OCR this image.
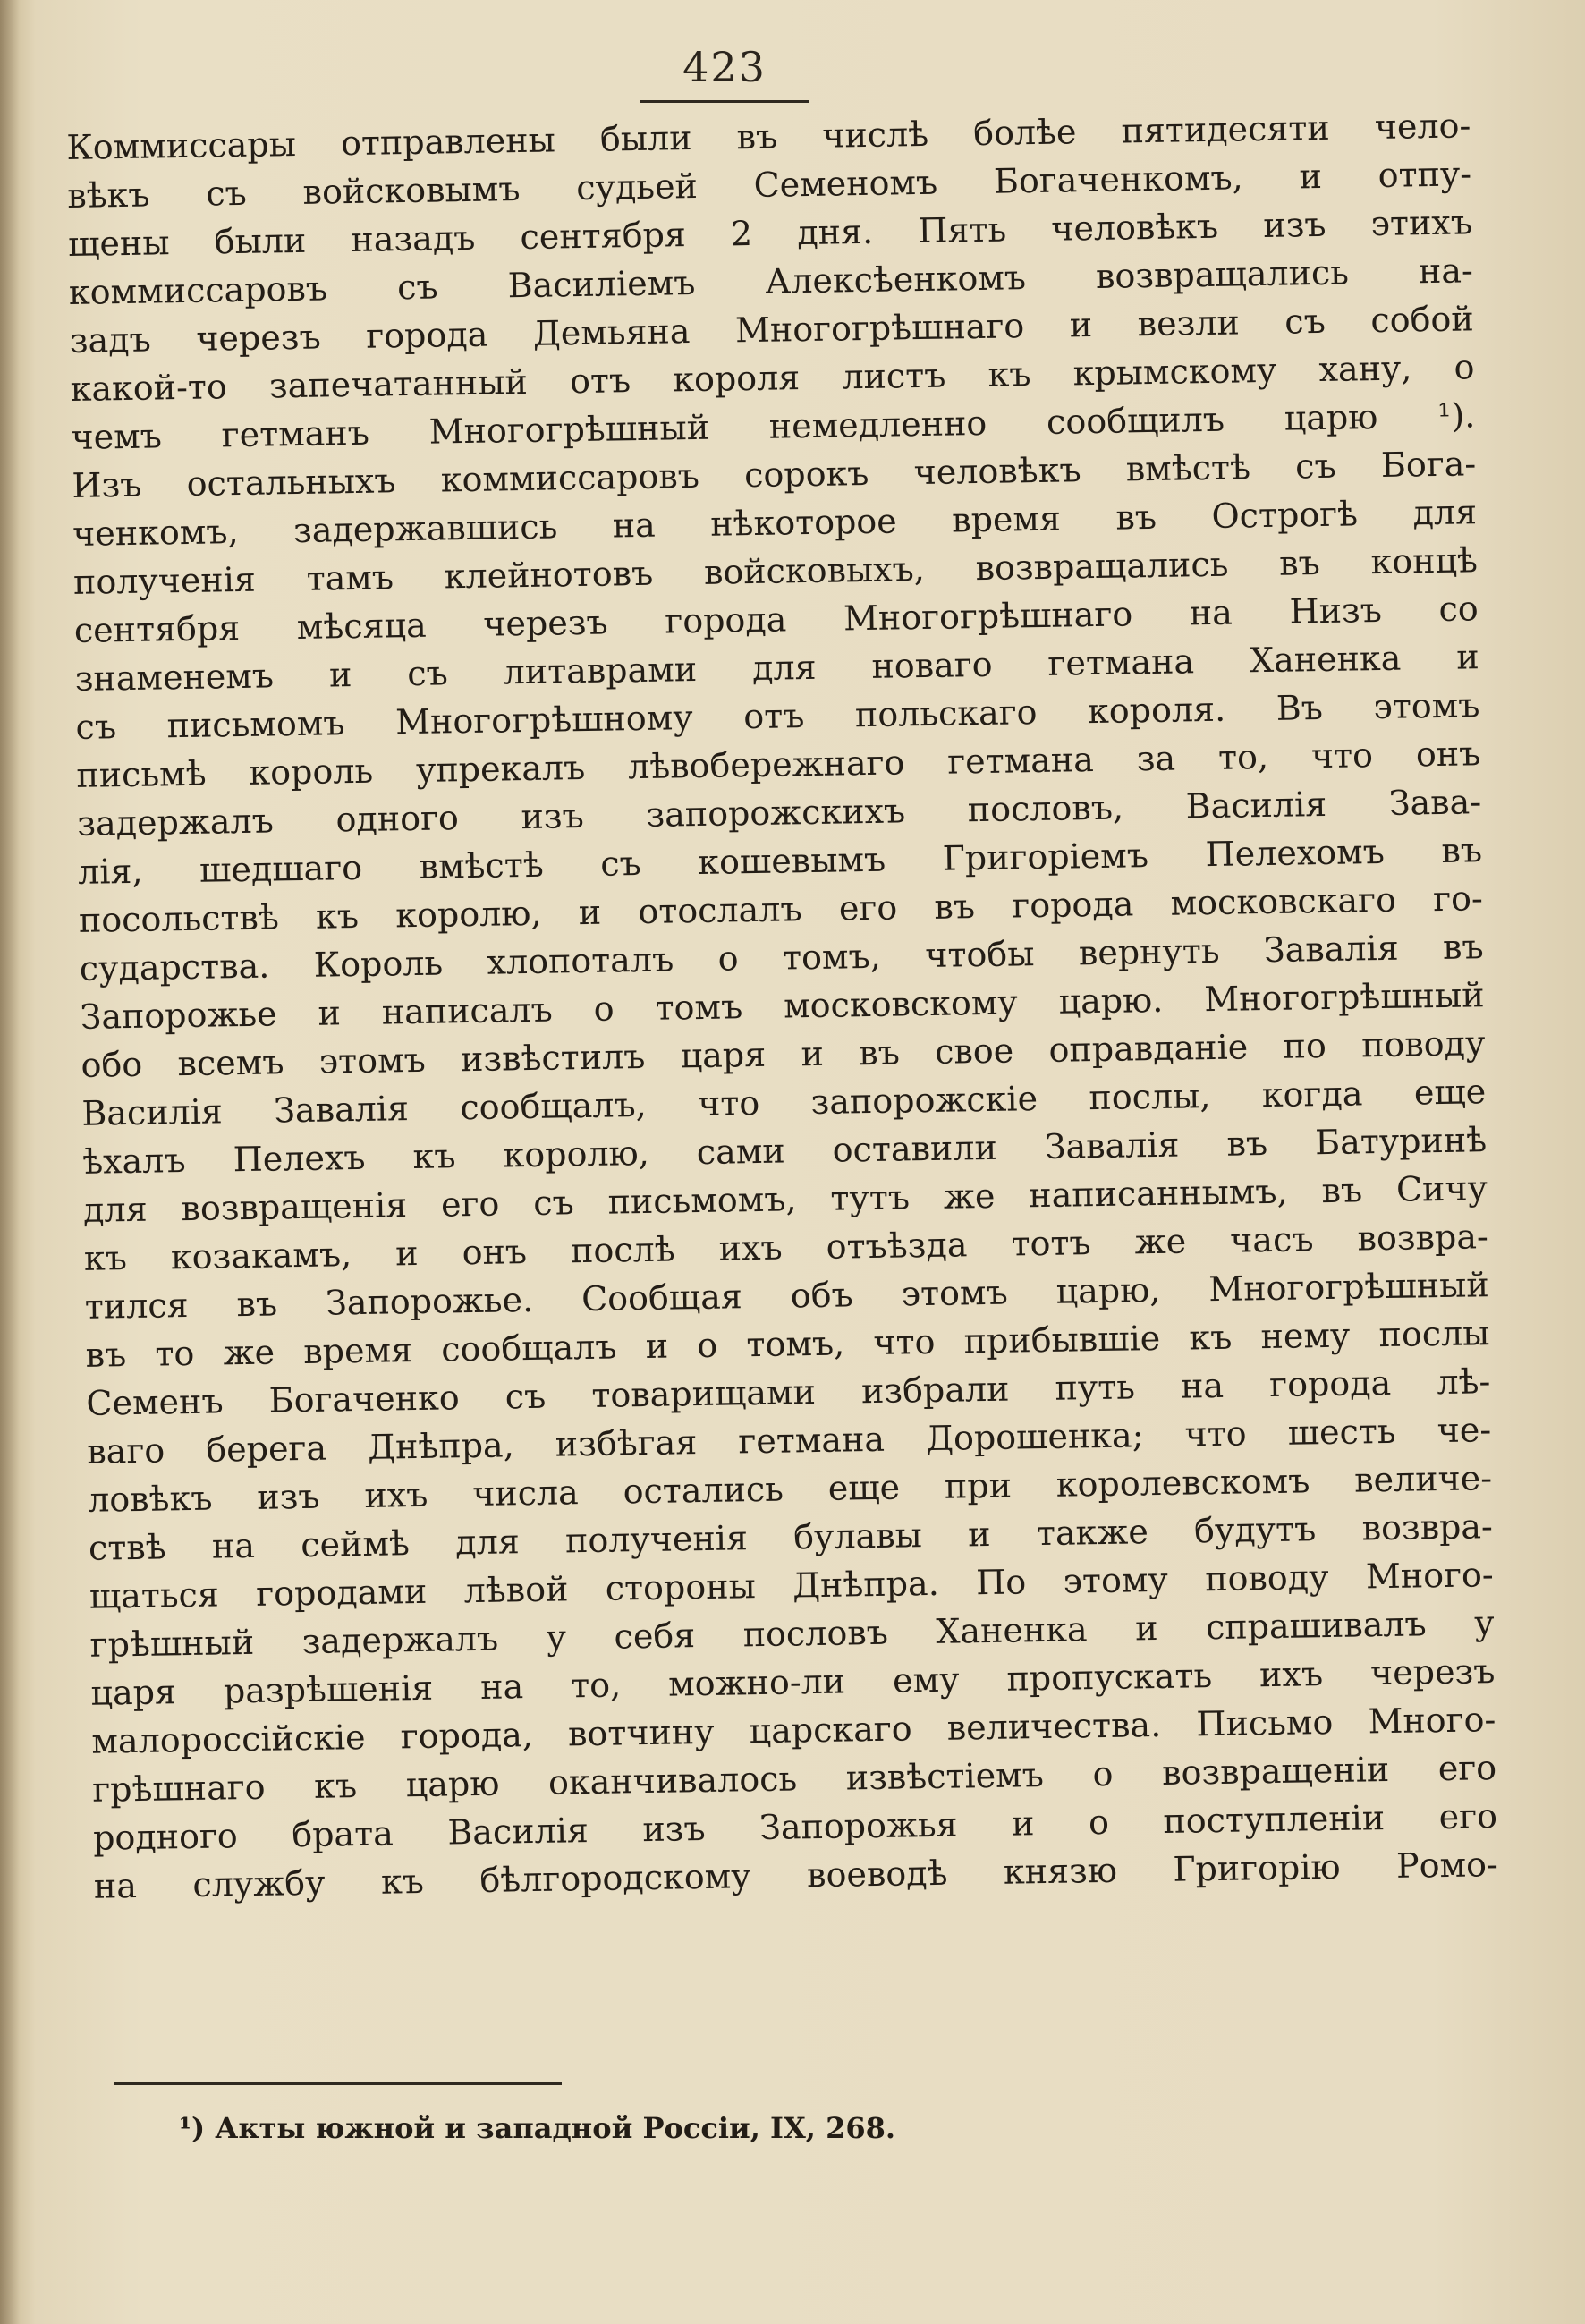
423
Коммиссары отправлены были въ числѣ болѣе пятидесяти чело-
вѣкъ съ войсковымъ судьей Семеномъ Богаченкомъ, и отпу-
щены были назадъ сентября 2 дня. Пять человѣкъ изъ этихъ
коммиссаровъ съ Василіемъ Алексѣенкомъ возвращались на-
задъ черезъ города Демьяна Многогрѣшнаго и везли съ собой
какой-то запечатанный отъ короля листъ къ крымскому хану, о
чемъ гетманъ Многогрѣшный немедленно сообщилъ царю ¹).
Изъ остальныхъ коммиссаровъ сорокъ человѣкъ вмѣстѣ съ Бога-
ченкомъ, задержавшись на нѣкоторое время въ Острогѣ для
полученія тамъ клейнотовъ войсковыхъ, возвращались въ концѣ
сентября мѣсяца черезъ города Многогрѣшнаго на Низъ со
знаменемъ и съ литаврами для новаго гетмана Ханенка и
съ письмомъ Многогрѣшному отъ польскаго короля. Въ этомъ
письмѣ король упрекалъ лѣвобережнаго гетмана за то, что онъ
задержалъ одного изъ запорожскихъ пословъ, Василія Зава-
лія, шедшаго вмѣстѣ съ кошевымъ Григоріемъ Пелехомъ въ
посольствѣ къ королю, и отослалъ его въ города московскаго го-
сударства. Король хлопоталъ о томъ, чтобы вернуть Завалія въ
Запорожье и написалъ о томъ московскому царю. Многогрѣшный
обо всемъ этомъ извѣстилъ царя и въ свое оправданіе по поводу
Василія Завалія сообщалъ, что запорожскіе послы, когда еще
ѣхалъ Пелехъ къ королю, сами оставили Завалія въ Батуринѣ
для возвращенія его съ письмомъ, тутъ же написаннымъ, въ Сичу
къ козакамъ, и онъ послѣ ихъ отъѣзда тотъ же часъ возвра-
тился въ Запорожье. Сообщая объ этомъ царю, Многогрѣшный
въ то же время сообщалъ и о томъ, что прибывшіе къ нему послы
Семенъ Богаченко съ товарищами избрали путь на города лѣ-
ваго берега Днѣпра, избѣгая гетмана Дорошенка; что шесть че-
ловѣкъ изъ ихъ числа остались еще при королевскомъ величе-
ствѣ на сеймѣ для полученія булавы и также будутъ возвра-
щаться городами лѣвой стороны Днѣпра. По этому поводу Много-
грѣшный задержалъ у себя пословъ Ханенка и спрашивалъ у
царя разрѣшенія на то, можно-ли ему пропускать ихъ черезъ
малороссійскіе города, вотчину царскаго величества. Письмо Много-
грѣшнаго къ царю оканчивалось извѣстіемъ о возвращеніи его
родного брата Василія изъ Запорожья и о поступленіи его
на службу къ бѣлгородскому воеводѣ князю Григорію Ромо-
¹) Акты южной и западной Россіи, IX, 268.
